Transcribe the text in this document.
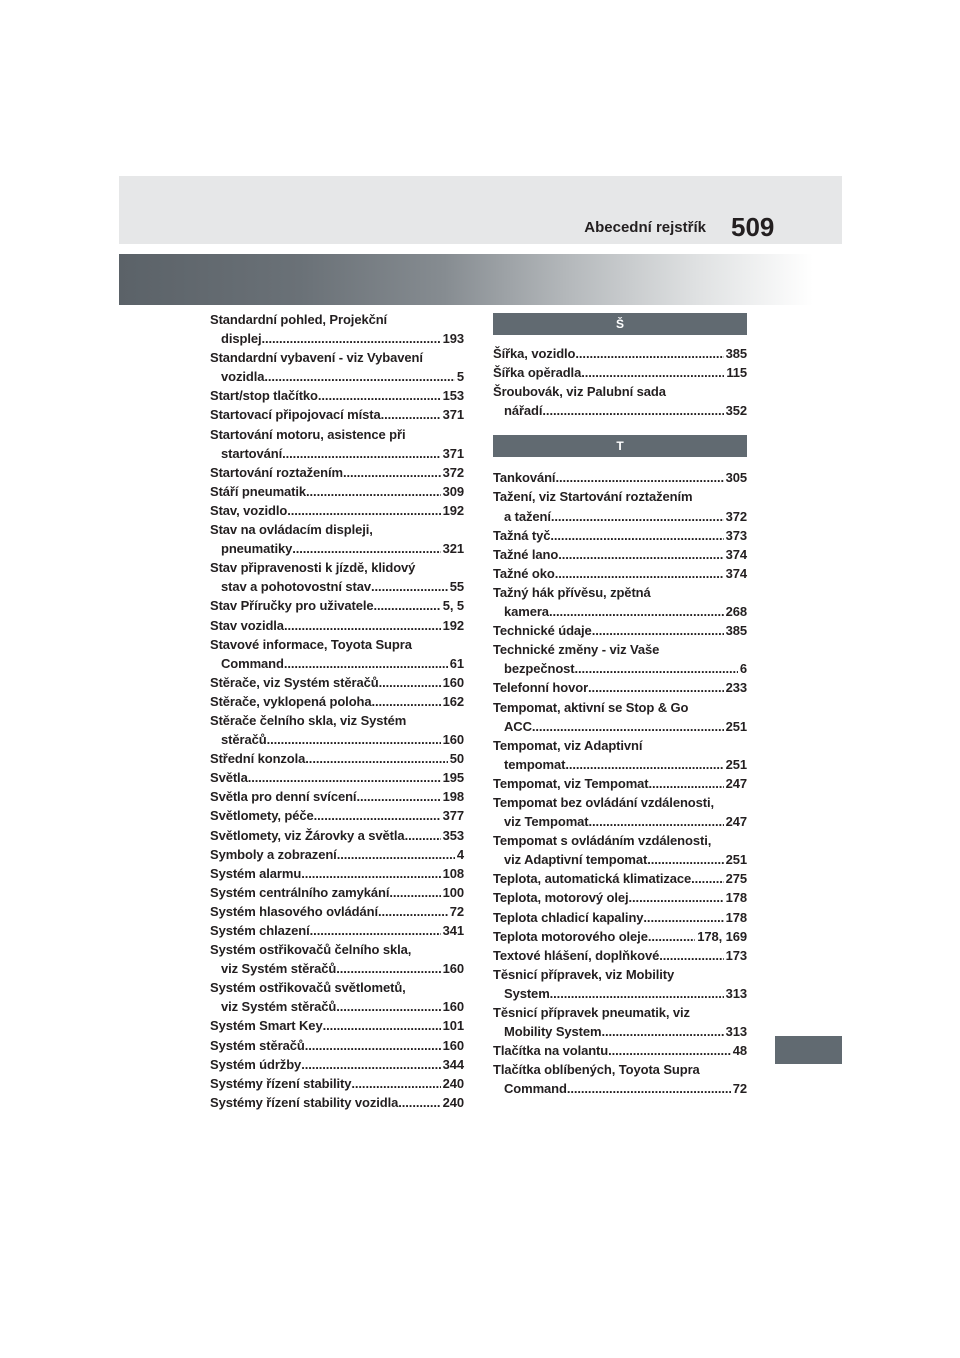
Abecední rejstřík 509
Standardní pohled, Projekční
displej .....	193
Standardní vybavení - viz Vybavení
vozidla .....	5
Start/stop tlačítko .....	153
Startovací připojovací místa .....	371
Startování motoru, asistence při
startování .....	371
Startování roztažením .....	372
Stáří pneumatik .....	309
Stav, vozidlo .....	192
Stav na ovládacím displeji,
pneumatiky .....	321
Stav připravenosti k jízdě, klidový
stav a pohotovostní stav .....	55
Stav Příručky pro uživatele .....	5, 5
Stav vozidla .....	192
Stavové informace, Toyota Supra
Command .....	61
Stěrače, viz Systém stěračů .....	160
Stěrače, vyklopená poloha .....	162
Stěrače čelního skla, viz Systém
stěračů .....	160
Střední konzola .....	50
Světla .....	195
Světla pro denní svícení .....	198
Světlomety, péče .....	377
Světlomety, viz Žárovky a světla .....	353
Symboly a zobrazení .....	4
Systém alarmu .....	108
Systém centrálního zamykání .....	100
Systém hlasového ovládání .....	72
Systém chlazení .....	341
Systém ostřikovačů čelního skla,
viz Systém stěračů .....	160
Systém ostřikovačů světlometů,
viz Systém stěračů .....	160
Systém Smart Key .....	101
Systém stěračů .....	160
Systém údržby .....	344
Systémy řízení stability .....	240
Systémy řízení stability vozidla .....	240
Š
Šířka, vozidlo .....	385
Šířka opěradla .....	115
Šroubovák, viz Palubní sada
nářadí .....	352
T
Tankování .....	305
Tažení, viz Startování roztažením
a tažení .....	372
Tažná tyč .....	373
Tažné lano .....	374
Tažné oko .....	374
Tažný hák přívěsu, zpětná
kamera .....	268
Technické údaje .....	385
Technické změny - viz Vaše
bezpečnost .....	6
Telefonní hovor .....	233
Tempomat, aktivní se Stop & Go
ACC .....	251
Tempomat, viz Adaptivní
tempomat .....	251
Tempomat, viz Tempomat .....	247
Tempomat bez ovládání vzdálenosti,
viz Tempomat .....	247
Tempomat s ovládáním vzdálenosti,
viz Adaptivní tempomat .....	251
Teplota, automatická klimatizace .....	275
Teplota, motorový olej .....	178
Teplota chladicí kapaliny .....	178
Teplota motorového oleje .....	178, 169
Textové hlášení, doplňkové .....	173
Těsnicí přípravek, viz Mobility
System .....	313
Těsnicí přípravek pneumatik, viz
Mobility System .....	313
Tlačítka na volantu .....	48
Tlačítka oblíbených, Toyota Supra
Command .....	72
